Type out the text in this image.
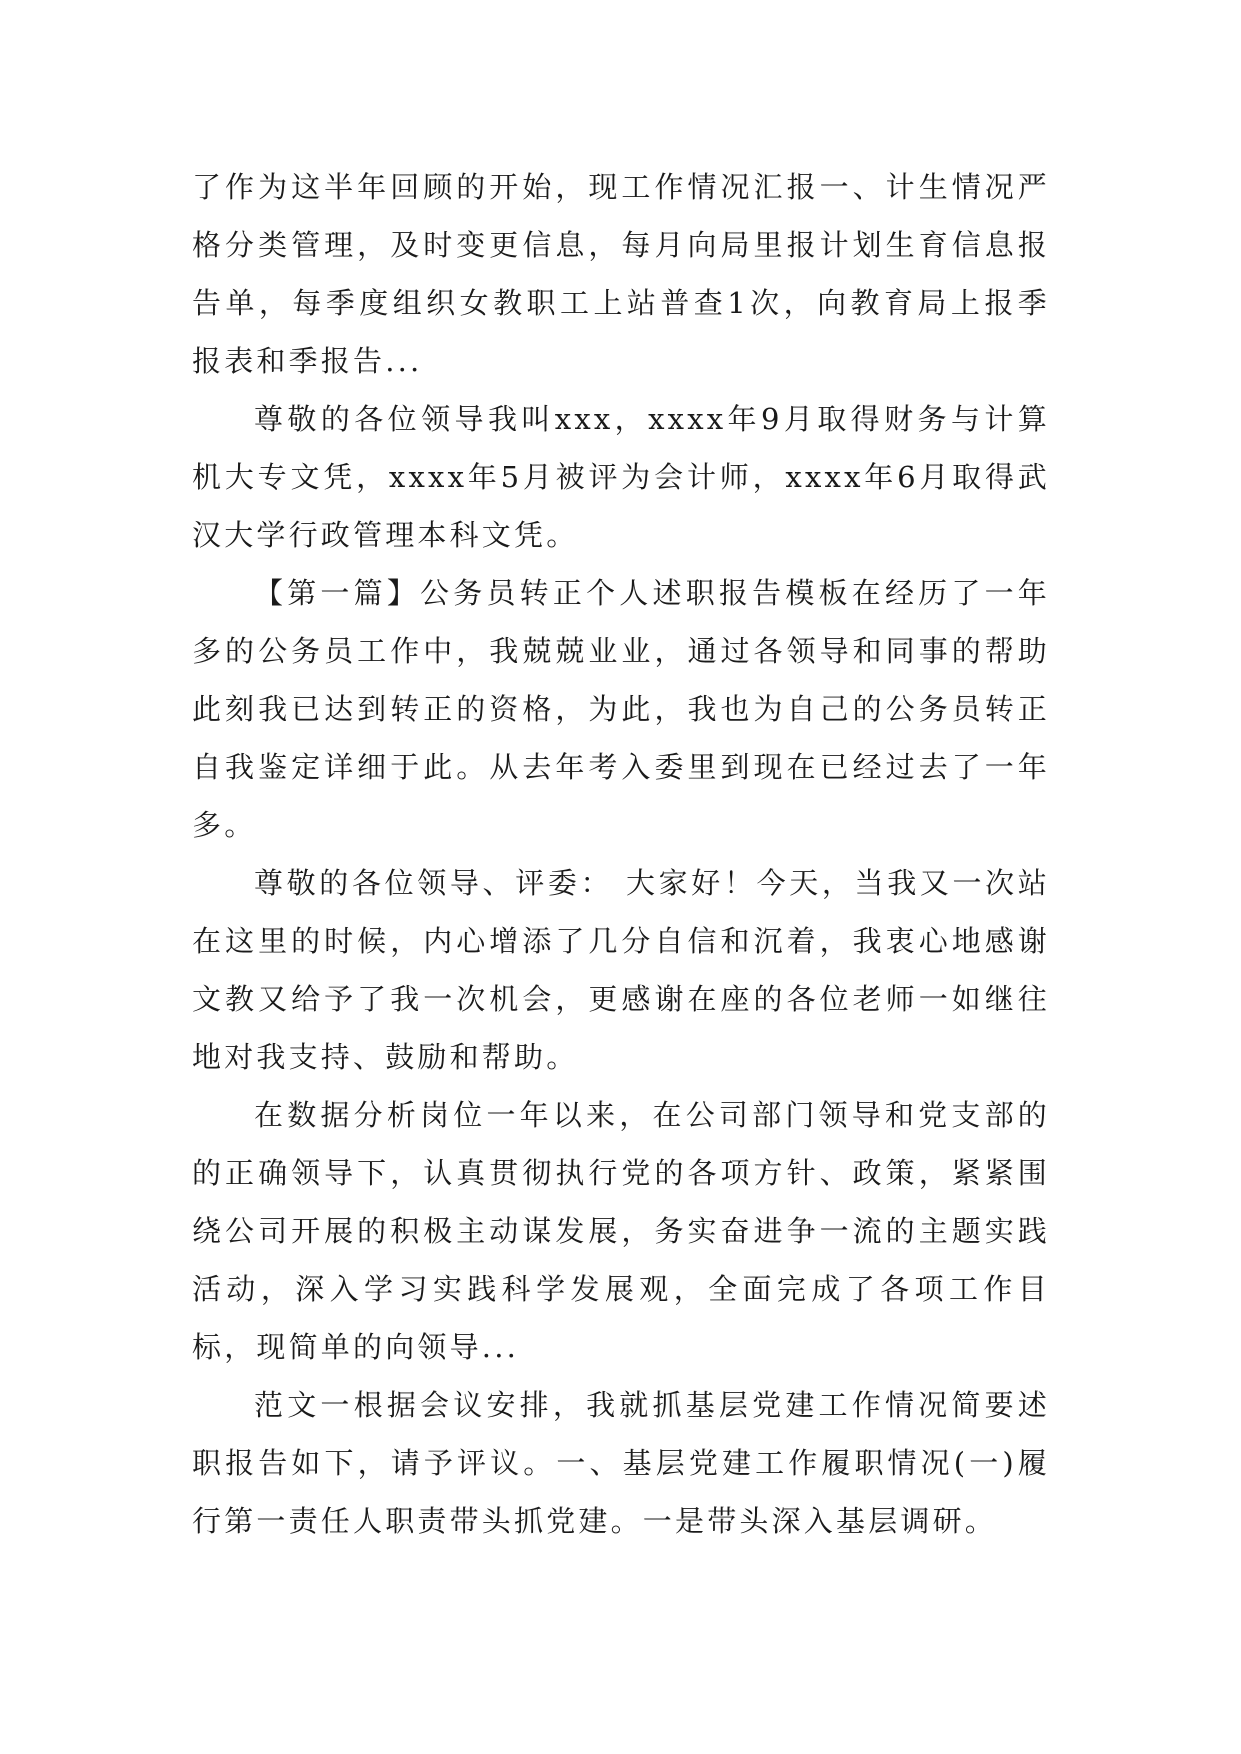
了作为这半年回顾的开始，现工作情况汇报一、计生情况严格分类管理，及时变更信息，每月向局里报计划生育信息报告单，每季度组织女教职工上站普查1次，向教育局上报季报表和季报告...

尊敬的各位领导我叫xxx，xxxx年9月取得财务与计算机大专文凭，xxxx年5月被评为会计师，xxxx年6月取得武汉大学行政管理本科文凭。

【第一篇】公务员转正个人述职报告模板在经历了一年多的公务员工作中，我兢兢业业，通过各领导和同事的帮助此刻我已达到转正的资格，为此，我也为自己的公务员转正自我鉴定详细于此。从去年考入委里到现在已经过去了一年多。

尊敬的各位领导、评委： 大家好！今天，当我又一次站在这里的时候，内心增添了几分自信和沉着，我衷心地感谢文教又给予了我一次机会，更感谢在座的各位老师一如继往地对我支持、鼓励和帮助。

在数据分析岗位一年以来，在公司部门领导和党支部的的正确领导下，认真贯彻执行党的各项方针、政策，紧紧围绕公司开展的积极主动谋发展，务实奋进争一流的主题实践活动，深入学习实践科学发展观，全面完成了各项工作目标，现简单的向领导...

范文一根据会议安排，我就抓基层党建工作情况简要述职报告如下，请予评议。一、基层党建工作履职情况(一)履行第一责任人职责带头抓党建。一是带头深入基层调研。
